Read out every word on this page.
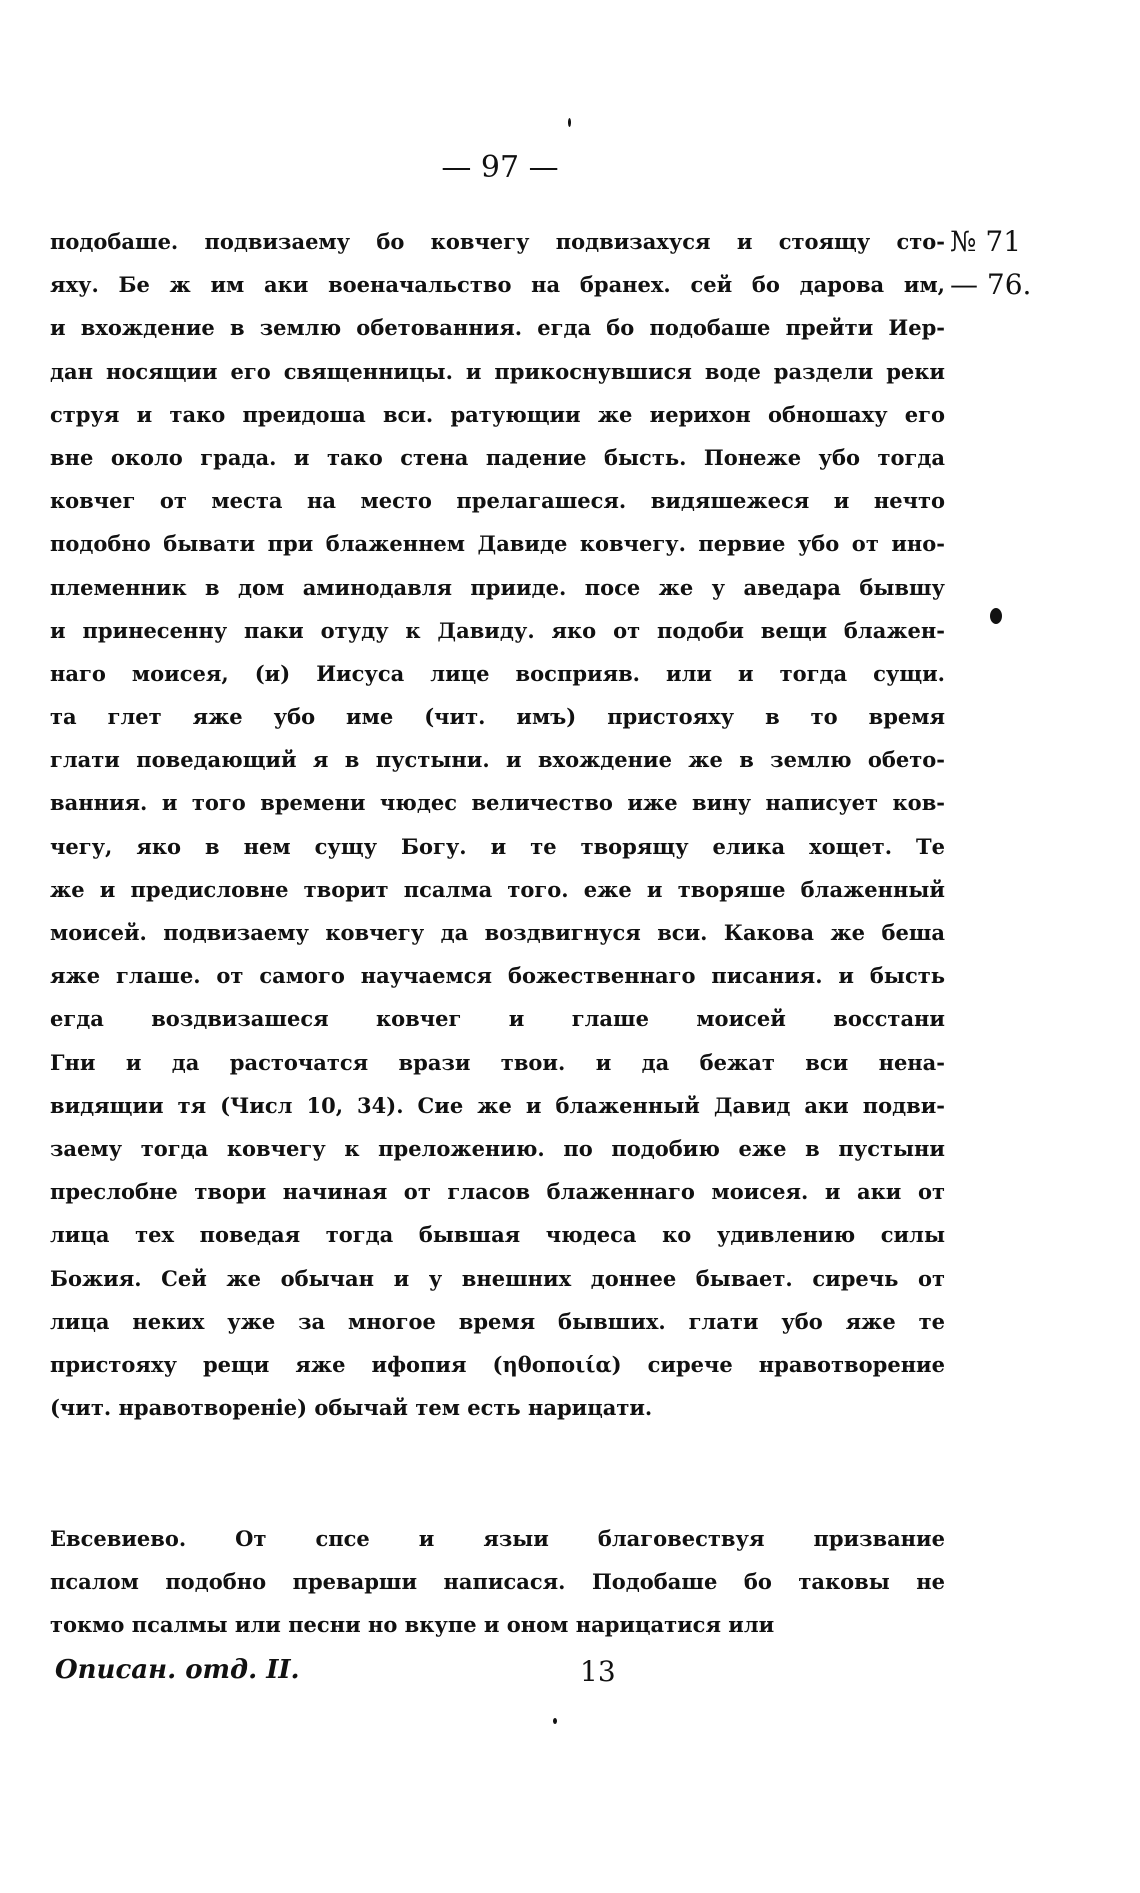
— 97 —
подобаше. подвизаему бо ковчегу подвизахуся и стоящу сто-
яху. Бе ж им аки военачальство на бранех. сей бо дарова им,
и вхождение в землю обетованния. егда бо подобаше прейти Иер-
дан носящии его священницы. и прикоснувшися воде раздели реки
струя и тако преидоша вси. ратующии же иерихон обношаху его
вне около града. и тако стена падение бысть. Понеже убо тогда
ковчег от места на место прелагашеся. видяшежеся и нечто
подобно бывати при блаженнем Давиде ковчегу. первие убо от ино-
племенник в дом аминодавля прииде. посе же у аведара бывшу
и принесенну паки отуду к Давиду. яко от подоби вещи блажен-
наго моисея, (и) Иисуса лице восприяв. или и тогда сущи.
та глет яже убо име (чит. имъ) пристояху в то время
глати поведающий я в пустыни. и вхождение же в землю обето-
ванния. и того времени чюдес величество иже вину написует ков-
чегу, яко в нем сущу Богу. и те творящу елика хощет. Те
же и предисловне творит псалма того. еже и творяше блаженный
моисей. подвизаему ковчегу да воздвигнуся вси. Какова же беша
яже глаше. от самого научаемся божественнаго писания. и бысть
егда воздвизашеся ковчег и глаше моисей восстани
Гни и да расточатся врази твои. и да бежат вси нена-
видящии тя (Числ 10, 34). Сие же и блаженный Давид аки подви-
заему тогда ковчегу к преложению. по подобию еже в пустыни
преслобне твори начиная от гласов блаженнаго моисея. и аки от
лица тех поведая тогда бывшая чюдеса ко удивлению силы
Божия. Сей же обычан и у внешних доннее бывает. сиречь от
лица неких уже за многое время бывших. глати убо яже те
пристояху рещи яже ифопия (ηθοποιία) сирече нравотворение
(чит. нравотвореніе) обычай тем есть нарицати.
№ 71
— 76.
Евсевиево. От спсе и языи благовествуя призвание
псалом подобно преварши написася. Подобаше бо таковы не
токмо псалмы или песни но вкупе и оном нарицатися или
Описан. отд. II.	13
